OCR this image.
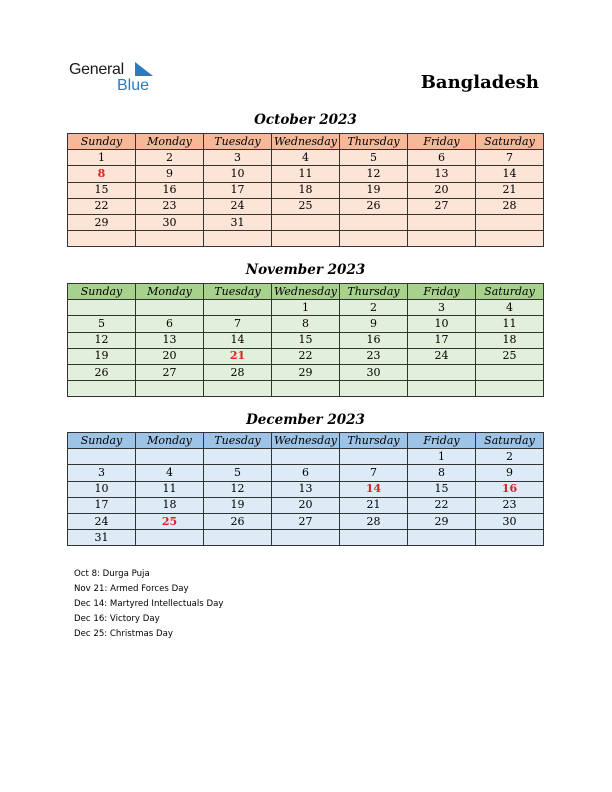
General
Blue	Bangladesh
October 2023
Sunday	Monday	Tuesday	Wednesday	Thursday	Friday	Saturday
1	2	3	4	5	6	7
8	9	10	11	12	13	14
15	16	17	18	19	20	21
22	23	24	25	26	27	28
29	30	31				

November 2023
Sunday	Monday	Tuesday	Wednesday	Thursday	Friday	Saturday
			1	2	3	4
5	6	7	8	9	10	11
12	13	14	15	16	17	18
19	20	21	22	23	24	25
26	27	28	29	30		

December 2023
Sunday	Monday	Tuesday	Wednesday	Thursday	Friday	Saturday
					1	2
3	4	5	6	7	8	9
10	11	12	13	14	15	16
17	18	19	20	21	22	23
24	25	26	27	28	29	30
31						
Oct 8: Durga Puja
Nov 21: Armed Forces Day
Dec 14: Martyred Intellectuals Day
Dec 16: Victory Day
Dec 25: Christmas Day
